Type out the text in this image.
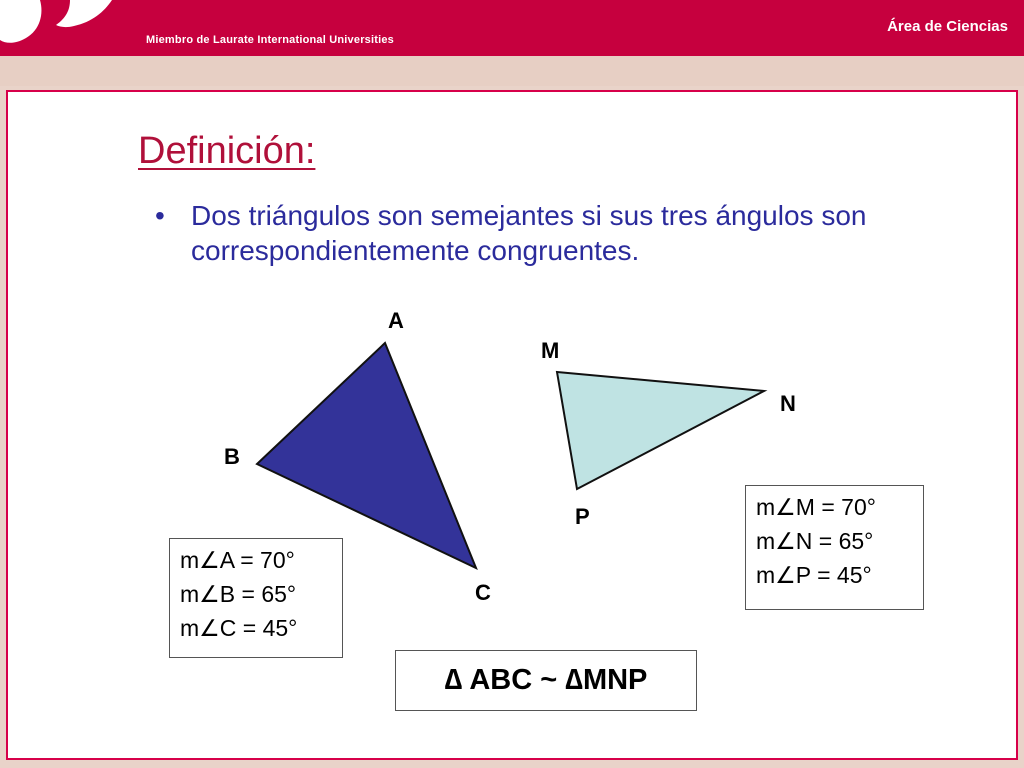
Miembro de Laurate International Universities
Área de Ciencias
Definición:
• Dos triángulos son semejantes si sus tres ángulos son correspondientemente congruentes.
A
B
C
M
N
P
m∠A = 70°
m∠B = 65°
m∠C = 45°
m∠M = 70°
m∠N = 65°
m∠P = 45°
∆ ABC ~ ∆MNP
